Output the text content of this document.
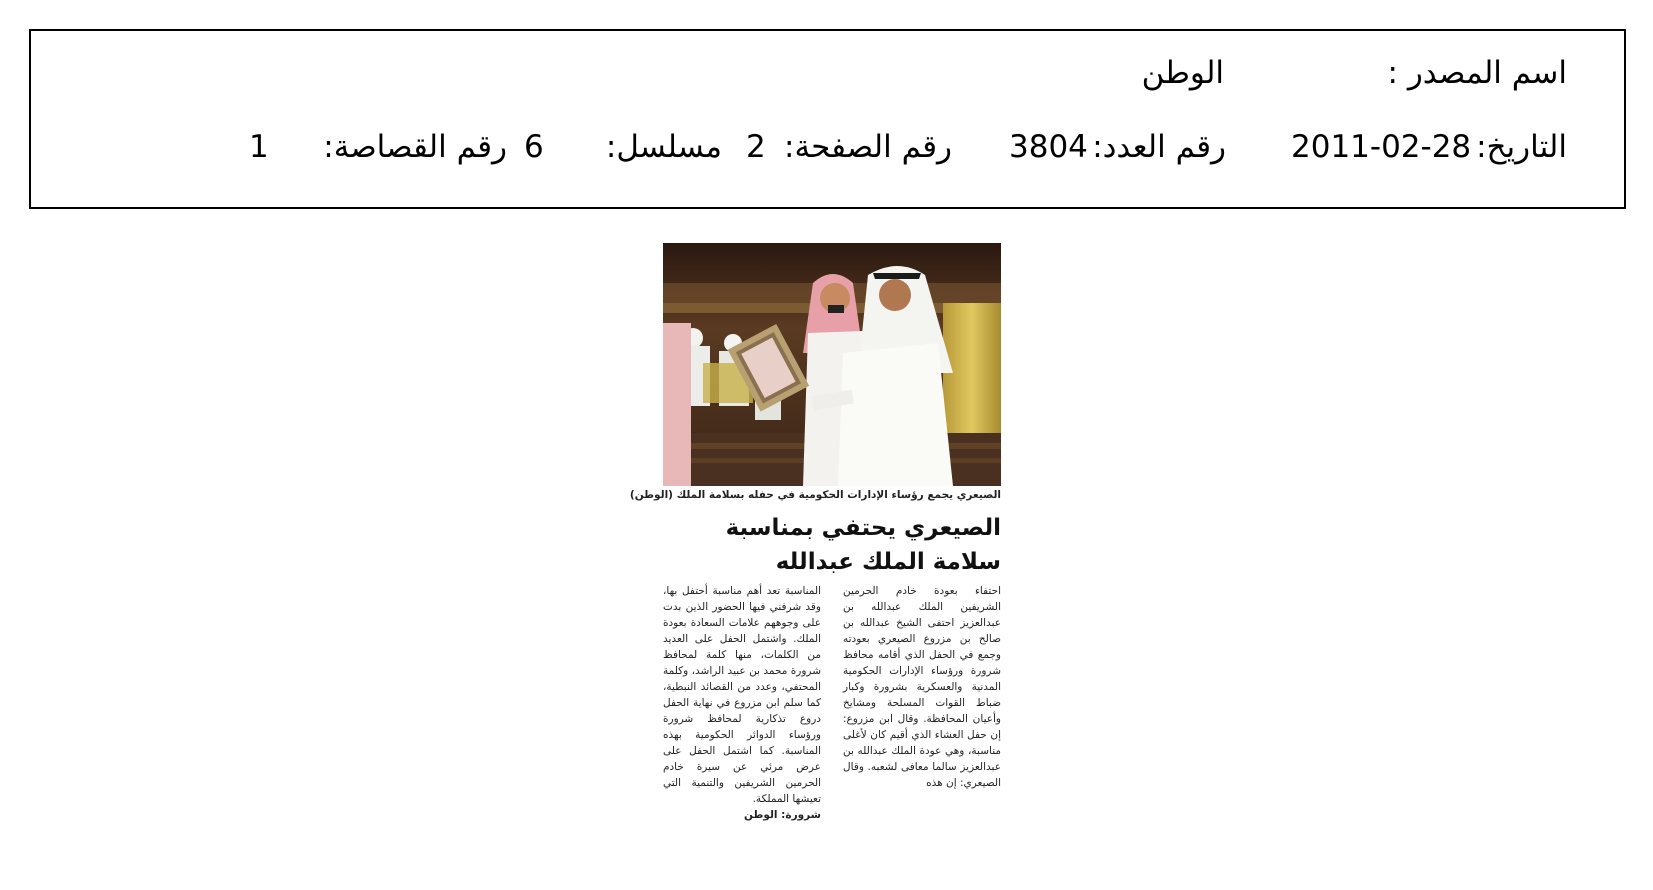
اسم المصدر :
الوطن
التاريخ:
2011-02-28
رقم العدد:
3804
رقم الصفحة:
2
مسلسل:
6
رقم القصاصة:
1
الصيعري يجمع رؤساء الإدارات الحكومية في حفله بسلامة الملك (الوطن)
الصيعري يحتفي بمناسبة سلامة الملك عبدالله

احتفاء بعودة خادم الحرمين الشريفين الملك عبدالله بن عبدالعزيز احتفى الشيخ عبدالله بن صالح بن مزروع الصيعري بعودته وجمع في الحفل الذي أقامه محافظ شرورة ورؤساء الإدارات الحكومية المدنية والعسكرية بشرورة وكبار ضباط القوات المسلحة ومشايخ وأعيان المحافظة. وقال ابن مزروع: إن حفل العشاء الذي أقيم كان لأغلى مناسبة، وهي عودة الملك عبدالله بن عبدالعزيز سالما معافى لشعبه. وقال الصيعري: إن هذه

المناسبة تعد أهم مناسبة أحتفل بها، وقد شرفني فيها الحضور الذين بدت على وجوههم علامات السعادة بعودة الملك. واشتمل الحفل على العديد من الكلمات، منها كلمة لمحافظ شرورة محمد بن عبيد الراشد، وكلمة المحتفي، وعدد من القصائد النبطية، كما سلم ابن مزروع في نهاية الحفل دروع تذكارية لمحافظ شرورة ورؤساء الدوائر الحكومية بهذه المناسبة. كما اشتمل الحفل على عرض مرئي عن سيرة خادم الحرمين الشريفين والتنمية التي تعيشها المملكة.

شرورة: الوطن
